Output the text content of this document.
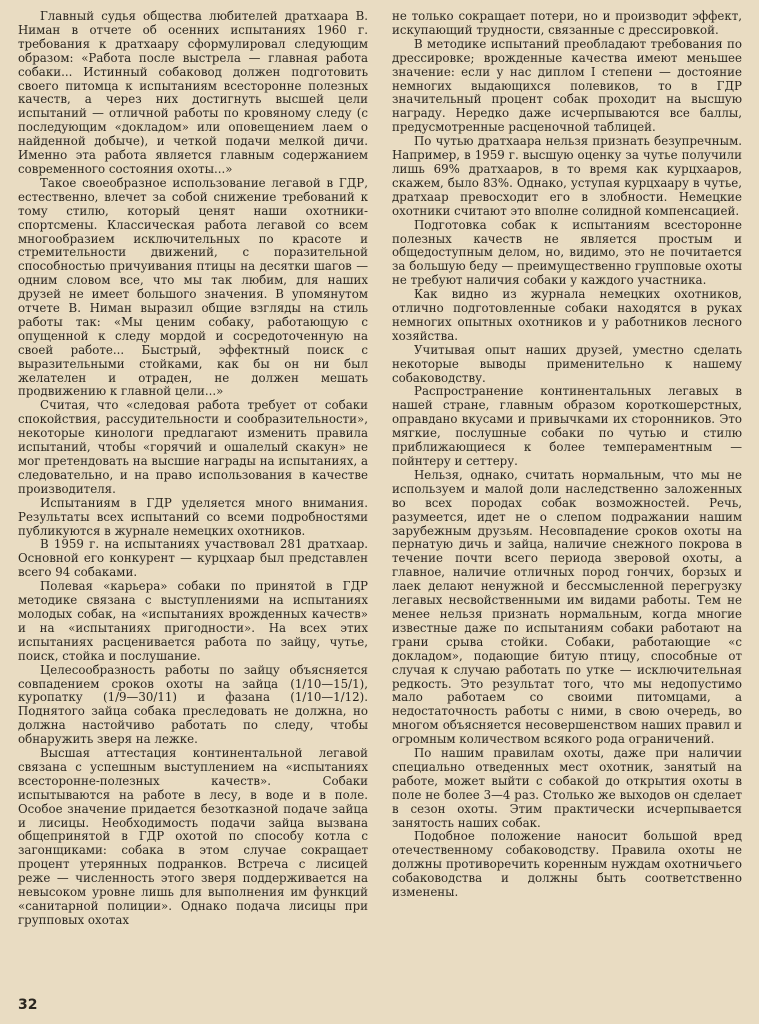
Главный судья общества любителей дратхаара В. Ниман в отчете об осенних испытаниях 1960 г. требования к дратхаару сформулировал следующим образом: «Работа после выстрела — главная работа собаки... Истинный собаковод должен подготовить своего питомца к испытаниям всесторонне полезных качеств, а через них достигнуть высшей цели испытаний — отличной работы по кровяному следу (с последующим «докладом» или оповещением лаем о найденной добыче), и четкой подачи мелкой дичи. Именно эта работа является главным содержанием современного состояния охоты...»

Такое своеобразное использование легавой в ГДР, естественно, влечет за собой снижение требований к тому стилю, который ценят наши охотники-спортсмены. Классическая работа легавой со всем многообразием исключительных по красоте и стремительности движений, с поразительной способностью причуивания птицы на десятки шагов — одним словом все, что мы так любим, для наших друзей не имеет большого значения. В упомянутом отчете В. Ниман выразил общие взгляды на стиль работы так: «Мы ценим собаку, работающую с опущенной к следу мордой и сосредоточенную на своей работе... Быстрый, эффектный поиск с выразительными стойками, как бы он ни был желателен и отраден, не должен мешать продвижению к главной цели...»

Считая, что «следовая работа требует от собаки спокойствия, рассудительности и сообразительности», некоторые кинологи предлагают изменить правила испытаний, чтобы «горячий и ошалелый скакун» не мог претендовать на высшие награды на испытаниях, а следовательно, и на право использования в качестве производителя.

Испытаниям в ГДР уделяется много внимания. Результаты всех испытаний со всеми подробностями публикуются в журнале немецких охотников.

В 1959 г. на испытаниях участвовал 281 дратхаар. Основной его конкурент — курцхаар был представлен всего 94 собаками.

Полевая «карьера» собаки по принятой в ГДР методике связана с выступлениями на испытаниях молодых собак, на «испытаниях врожденных качеств» и на «испытаниях пригодности». На всех этих испытаниях расценивается работа по зайцу, чутье, поиск, стойка и послушание.

Целесообразность работы по зайцу объясняется совпадением сроков охоты на зайца (1/10—15/1), куропатку (1/9—30/11) и фазана (1/10—1/12). Поднятого зайца собака преследовать не должна, но должна настойчиво работать по следу, чтобы обнаружить зверя на лежке.

Высшая аттестация континентальной легавой связана с успешным выступлением на «испытаниях всесторонне-полезных качеств». Собаки испытываются на работе в лесу, в воде и в поле. Особое значение придается безотказной подаче зайца и лисицы. Необходимость подачи зайца вызвана общепринятой в ГДР охотой по способу котла с загонщиками: собака в этом случае сокращает процент утерянных подранков. Встреча с лисицей реже — численность этого зверя поддерживается на невысоком уровне лишь для выполнения им функций «санитарной полиции». Однако подача лисицы при групповых охотах

не только сокращает потери, но и производит эффект, искупающий трудности, связанные с дрессировкой.

В методике испытаний преобладают требования по дрессировке; врожденные качества имеют меньшее значение: если у нас диплом I степени — достояние немногих выдающихся полевиков, то в ГДР значительный процент собак проходит на высшую награду. Нередко даже исчерпываются все баллы, предусмотренные расценочной таблицей.

По чутью дратхаара нельзя признать безупречным. Например, в 1959 г. высшую оценку за чутье получили лишь 69% дратхааров, в то время как курцхааров, скажем, было 83%. Однако, уступая курцхаару в чутье, дратхаар превосходит его в злобности. Немецкие охотники считают это вполне солидной компенсацией.

Подготовка собак к испытаниям всесторонне полезных качеств не является простым и общедоступным делом, но, видимо, это не почитается за большую беду — преимущественно групповые охоты не требуют наличия собаки у каждого участника.

Как видно из журнала немецких охотников, отлично подготовленные собаки находятся в руках немногих опытных охотников и у работников лесного хозяйства.

Учитывая опыт наших друзей, уместно сделать некоторые выводы применительно к нашему собаководству.

Распространение континентальных легавых в нашей стране, главным образом короткошерстных, оправдано вкусами и привычками их сторонников. Это мягкие, послушные собаки по чутью и стилю приближающиеся к более темпераментным — пойнтеру и сеттеру.

Нельзя, однако, считать нормальным, что мы не используем и малой доли наследственно заложенных во всех породах собак возможностей. Речь, разумеется, идет не о слепом подражании нашим зарубежным друзьям. Несовпадение сроков охоты на пернатую дичь и зайца, наличие снежного покрова в течение почти всего периода зверовой охоты, а главное, наличие отличных пород гончих, борзых и лаек делают ненужной и бессмысленной перегрузку легавых несвойственными им видами работы. Тем не менее нельзя признать нормальным, когда многие известные даже по испытаниям собаки работают на грани срыва стойки. Собаки, работающие «с докладом», подающие битую птицу, способные от случая к случаю работать по утке — исключительная редкость. Это результат того, что мы недопустимо мало работаем со своими питомцами, а недостаточность работы с ними, в свою очередь, во многом объясняется несовершенством наших правил и огромным количеством всякого рода ограничений.

По нашим правилам охоты, даже при наличии специально отведенных мест охотник, занятый на работе, может выйти с собакой до открытия охоты в поле не более 3—4 раз. Столько же выходов он сделает в сезон охоты. Этим практически исчерпывается занятость наших собак.

Подобное положение наносит большой вред отечественному собаководству. Правила охоты не должны противоречить коренным нуждам охотничьего собаководства и должны быть соответственно изменены.

32
